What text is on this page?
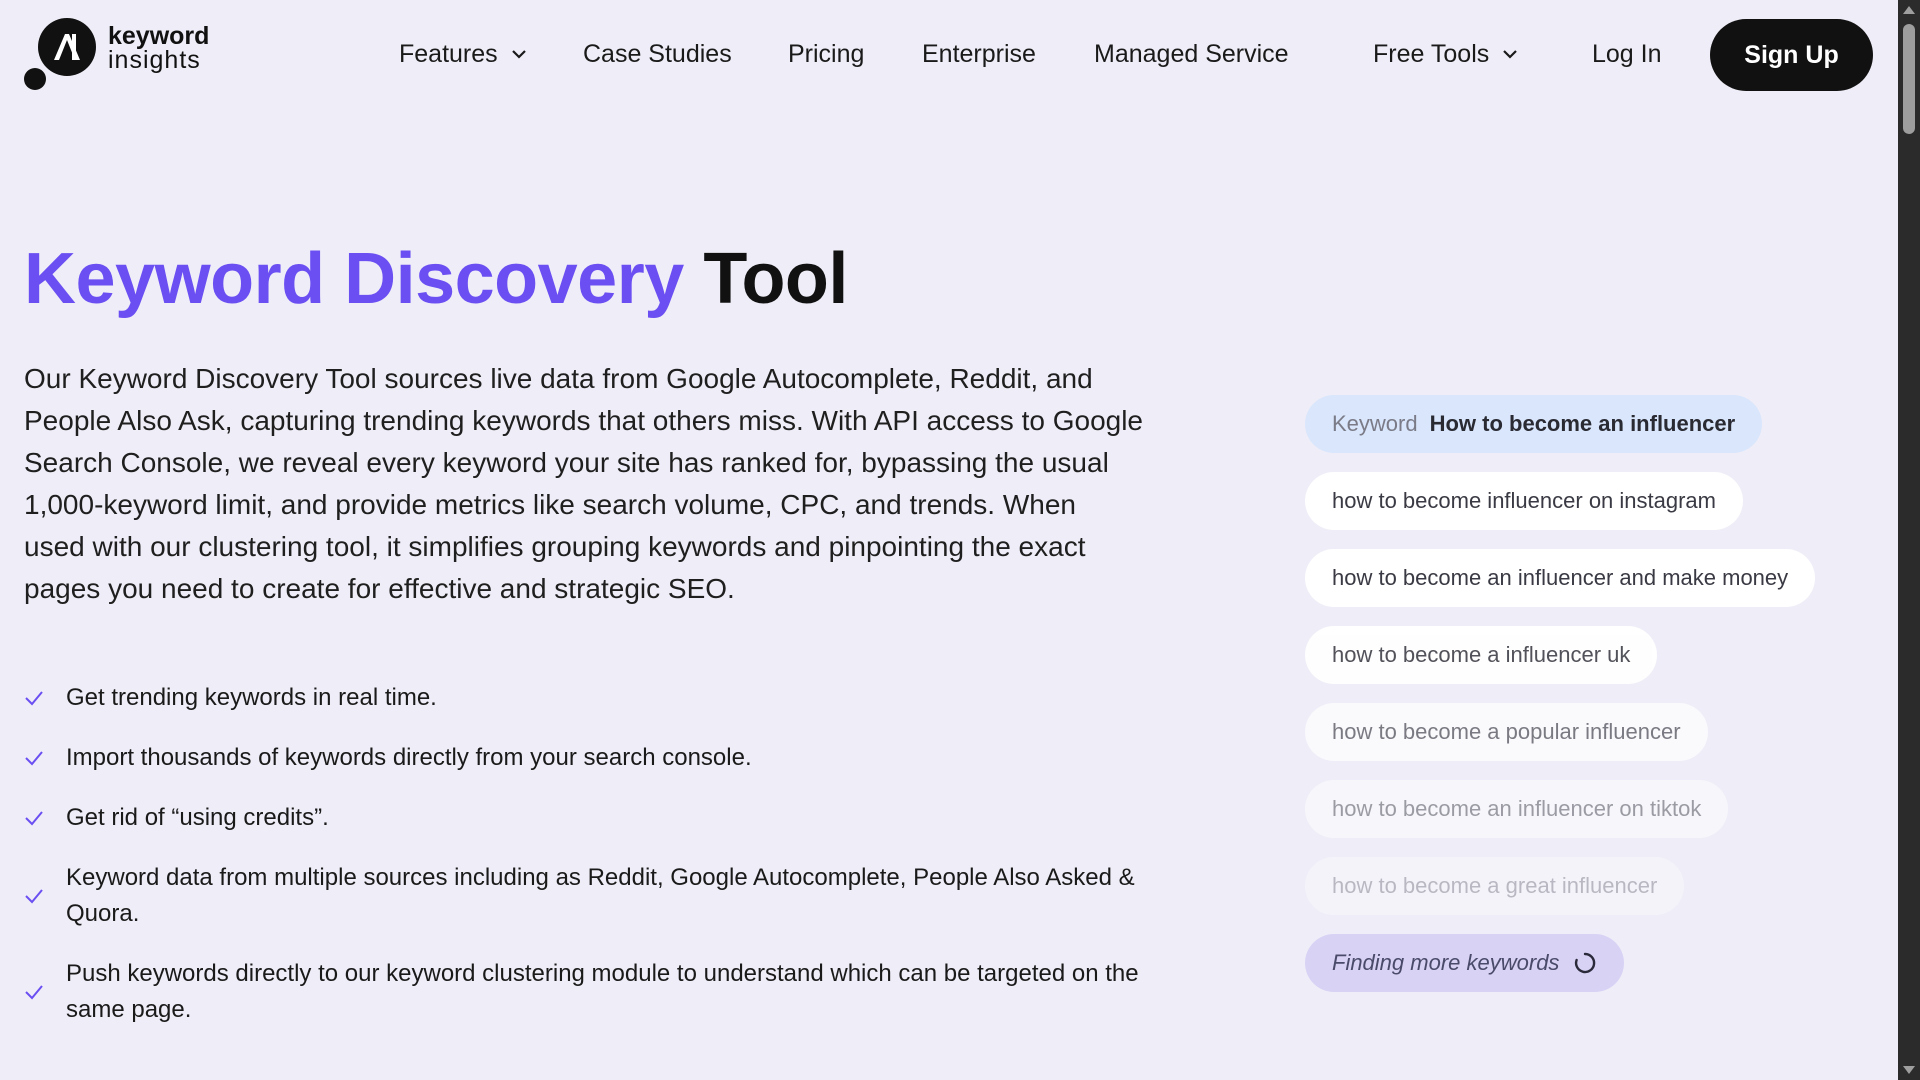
keyword
insights	Features	Case Studies Pricing Enterprise Managed Service	Free Tools	Log In	Sign Up
Keyword Discovery Tool

Our Keyword Discovery Tool sources live data from Google Autocomplete, Reddit, and People Also Ask, capturing trending keywords that others miss. With API access to Google Search Console, we reveal every keyword your site has ranked for, bypassing the usual 1,000-keyword limit, and provide metrics like search volume, CPC, and trends. When used with our clustering tool, it simplifies grouping keywords and pinpointing the exact pages you need to create for effective and strategic SEO.

Get trending keywords in real time.
Import thousands of keywords directly from your search console.
Get rid of “using credits”.
Keyword data from multiple sources including as Reddit, Google Autocomplete, People Also Asked & Quora.
Push keywords directly to our keyword clustering module to understand which can be targeted on the same page.
Keyword How to become an influencer
how to become influencer on instagram
how to become an influencer and make money
how to become a influencer uk
how to become a popular influencer
how to become an influencer on tiktok
how to become a great influencer
Finding more keywords
